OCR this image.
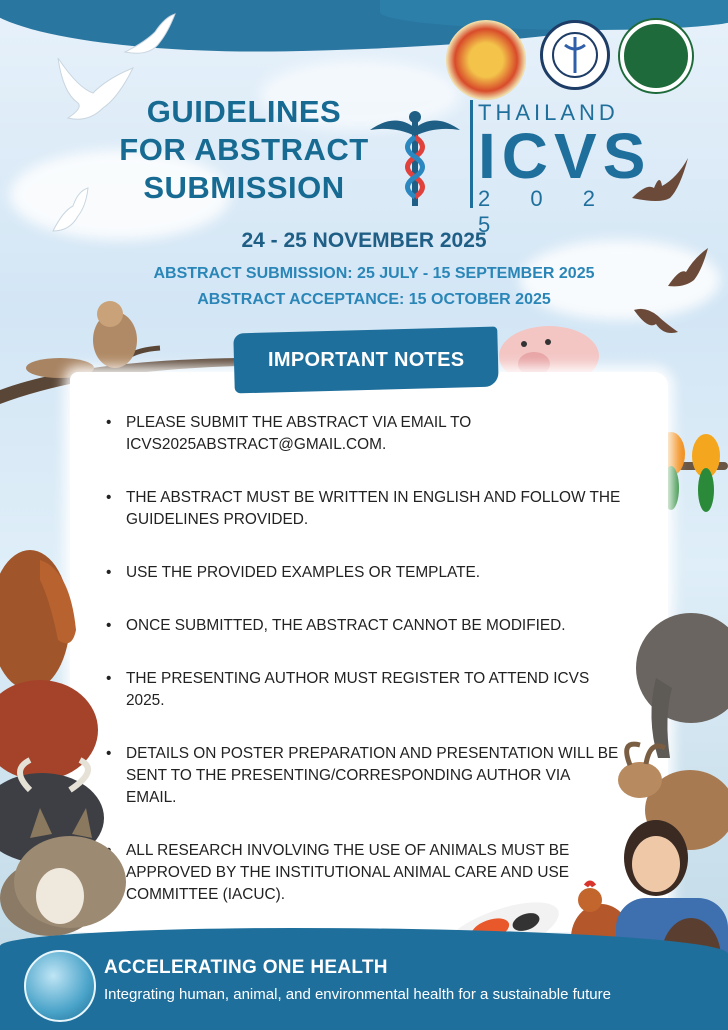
GUIDELINES
FOR ABSTRACT
SUBMISSION
THAILAND
ICVS
2 0 2 5
24 - 25 NOVEMBER 2025
ABSTRACT SUBMISSION: 25 JULY - 15 SEPTEMBER 2025
ABSTRACT ACCEPTANCE: 15 OCTOBER 2025
IMPORTANT NOTES
• PLEASE SUBMIT THE ABSTRACT VIA EMAIL TO ICVS2025ABSTRACT@GMAIL.COM.
• THE ABSTRACT MUST BE WRITTEN IN ENGLISH AND FOLLOW THE GUIDELINES PROVIDED.
• USE THE PROVIDED EXAMPLES OR TEMPLATE.
• ONCE SUBMITTED, THE ABSTRACT CANNOT BE MODIFIED.
• THE PRESENTING AUTHOR MUST REGISTER TO ATTEND ICVS 2025.
• DETAILS ON POSTER PREPARATION AND PRESENTATION WILL BE SENT TO THE PRESENTING/CORRESPONDING AUTHOR VIA EMAIL.
ALL RESEARCH INVOLVING THE USE OF ANIMALS MUST BE APPROVED BY THE INSTITUTIONAL ANIMAL CARE AND USE COMMITTEE (IACUC).
ACCELERATING ONE HEALTH
Integrating human, animal, and environmental health for a sustainable future
